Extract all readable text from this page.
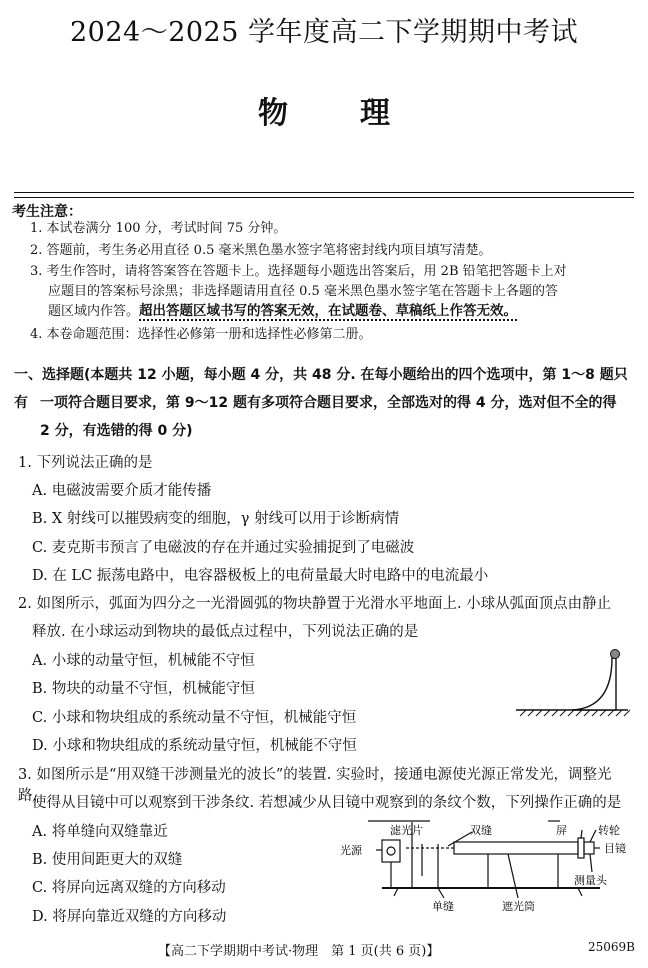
2024～2025 学年度高二下学期期中考试
物理
考生注意：
1. 本试卷满分 100 分，考试时间 75 分钟。
2. 答题前，考生务必用直径 0.5 毫米黑色墨水签字笔将密封线内项目填写清楚。
3. 考生作答时，请将答案答在答题卡上。选择题每小题选出答案后，用 2B 铅笔把答题卡上对
应题目的答案标号涂黑；非选择题请用直径 0.5 毫米黑色墨水签字笔在答题卡上各题的答
题区域内作答。超出答题区域书写的答案无效，在试题卷、草稿纸上作答无效。
4. 本卷命题范围：选择性必修第一册和选择性必修第二册。
一、选择题(本题共 12 小题，每小题 4 分，共 48 分. 在每小题给出的四个选项中，第 1～8 题只有 一项符合题目要求，第 9～12 题有多项符合题目要求，全部选对的得 4 分，选对但不全的得
2 分，有选错的得 0 分)
1. 下列说法正确的是
A. 电磁波需要介质才能传播
B. X 射线可以摧毁病变的细胞，γ 射线可以用于诊断病情
C. 麦克斯韦预言了电磁波的存在并通过实验捕捉到了电磁波
D. 在 LC 振荡电路中，电容器极板上的电荷量最大时电路中的电流最小
2. 如图所示，弧面为四分之一光滑圆弧的物块静置于光滑水平地面上. 小球从弧面顶点由静止
释放. 在小球运动到物块的最低点过程中，下列说法正确的是
A. 小球的动量守恒，机械能不守恒
B. 物块的动量不守恒，机械能守恒
C. 小球和物块组成的系统动量不守恒，机械能守恒
D. 小球和物块组成的系统动量守恒，机械能不守恒
3. 如图所示是“用双缝干涉测量光的波长”的装置. 实验时，接通电源使光源正常发光，调整光路，
使得从目镜中可以观察到干涉条纹. 若想减少从目镜中观察到的条纹个数，下列操作正确的是
A. 将单缝向双缝靠近
B. 使用间距更大的双缝
C. 将屏向远离双缝的方向移动
D. 将屏向靠近双缝的方向移动
滤光片	双缝	屏	转轮
光源	目镜
单缝	遮光筒
测量头
【高二下学期期中考试·物理　第 1 页(共 6 页)】	25069B
